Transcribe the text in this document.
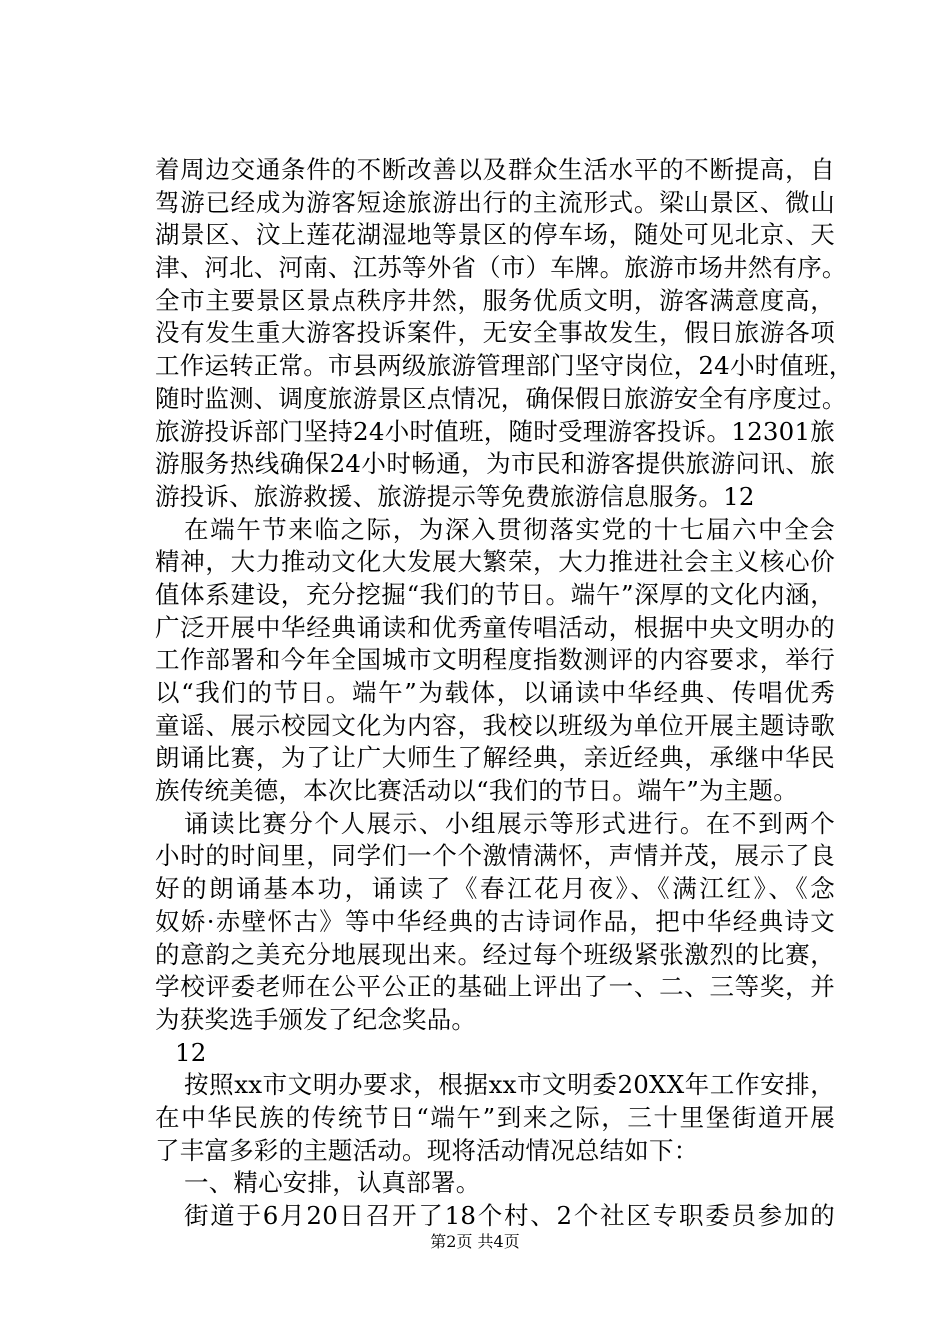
着周边交通条件的不断改善以及群众生活水平的不断提高，自
驾游已经成为游客短途旅游出行的主流形式。梁山景区、微山
湖景区、汶上莲花湖湿地等景区的停车场，随处可见北京、天
津、河北、河南、江苏等外省（市）车牌。旅游市场井然有序。
全市主要景区景点秩序井然，服务优质文明，游客满意度高，
没有发生重大游客投诉案件，无安全事故发生，假日旅游各项
工作运转正常。市县两级旅游管理部门坚守岗位，24小时值班，
随时监测、调度旅游景区点情况，确保假日旅游安全有序度过。
旅游投诉部门坚持24小时值班，随时受理游客投诉。12301旅
游服务热线确保24小时畅通，为市民和游客提供旅游问讯、旅
游投诉、旅游救援、旅游提示等免费旅游信息服务。12
在端午节来临之际，为深入贯彻落实党的十七届六中全会
精神，大力推动文化大发展大繁荣，大力推进社会主义核心价
值体系建设，充分挖掘“我们的节日。端午”深厚的文化内涵，
广泛开展中华经典诵读和优秀童传唱活动，根据中央文明办的
工作部署和今年全国城市文明程度指数测评的内容要求，举行
以“我们的节日。端午”为载体，以诵读中华经典、传唱优秀
童谣、展示校园文化为内容，我校以班级为单位开展主题诗歌
朗诵比赛，为了让广大师生了解经典，亲近经典，承继中华民
族传统美德，本次比赛活动以“我们的节日。端午”为主题。
诵读比赛分个人展示、小组展示等形式进行。在不到两个
小时的时间里，同学们一个个激情满怀，声情并茂，展示了良
好的朗诵基本功，诵读了《春江花月夜》、《满江红》、《念
奴娇·赤壁怀古》等中华经典的古诗词作品，把中华经典诗文
的意韵之美充分地展现出来。经过每个班级紧张激烈的比赛，
学校评委老师在公平公正的基础上评出了一、二、三等奖，并
为获奖选手颁发了纪念奖品。
12
按照xx市文明办要求，根据xx市文明委20XX年工作安排，
在中华民族的传统节日“端午”到来之际，三十里堡街道开展
了丰富多彩的主题活动。现将活动情况总结如下：
一、精心安排，认真部署。
街道于6月20日召开了18个村、2个社区专职委员参加的
第2页 共4页
